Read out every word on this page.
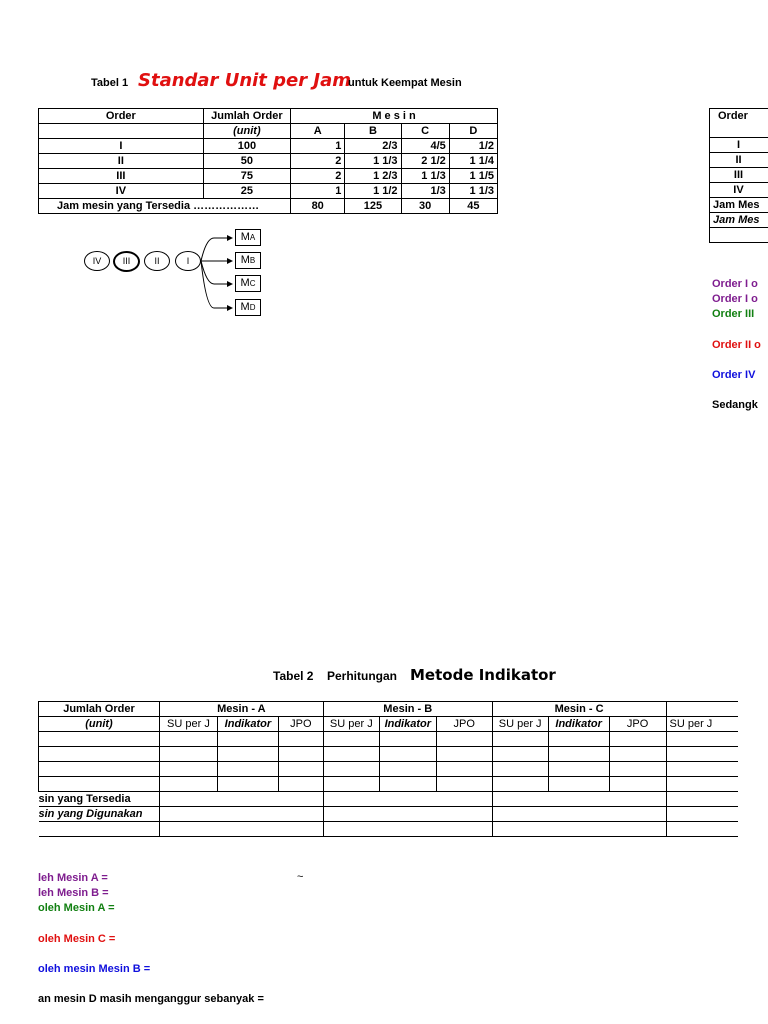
Tabel 1 Standar Unit per Jam
untuk Keempat Mesin
Order	Jumlah Order	M e s i n			
	(unit)	A	B	C	D
I	100	1	2/3	4/5	1/2
II	50	2	1 1/3	2 1/2	1 1/4
III	75	2	1 2/3	1 1/3	1 1/5
IV	25	1	1 1/2	1/3	1 1/3
Jam mesin yang Tersedia ………………		80	125	30	45
IV	III	II	I
MA
MB
MC
MD
Order
I
II
III
IV
Jam Mes
Jam Mes

Order I o
Order I o
Order III
Order II o
Order IV
Sedangk
Tabel 2 Perhitungan Metode Indikator
Jumlah Order	Mesin - A			Mesin - B			Mesin - C			
(unit)	SU per J	Indikator	JPO	SU per J	Indikator	JPO	SU per J	Indikator	JPO	SU per J

sin yang Tersedia										
sin yang Digunakan										

leh Mesin A =
leh Mesin B =
oleh Mesin A =
oleh Mesin C =
oleh mesin Mesin B =
an mesin D masih menganggur sebanyak =
~
